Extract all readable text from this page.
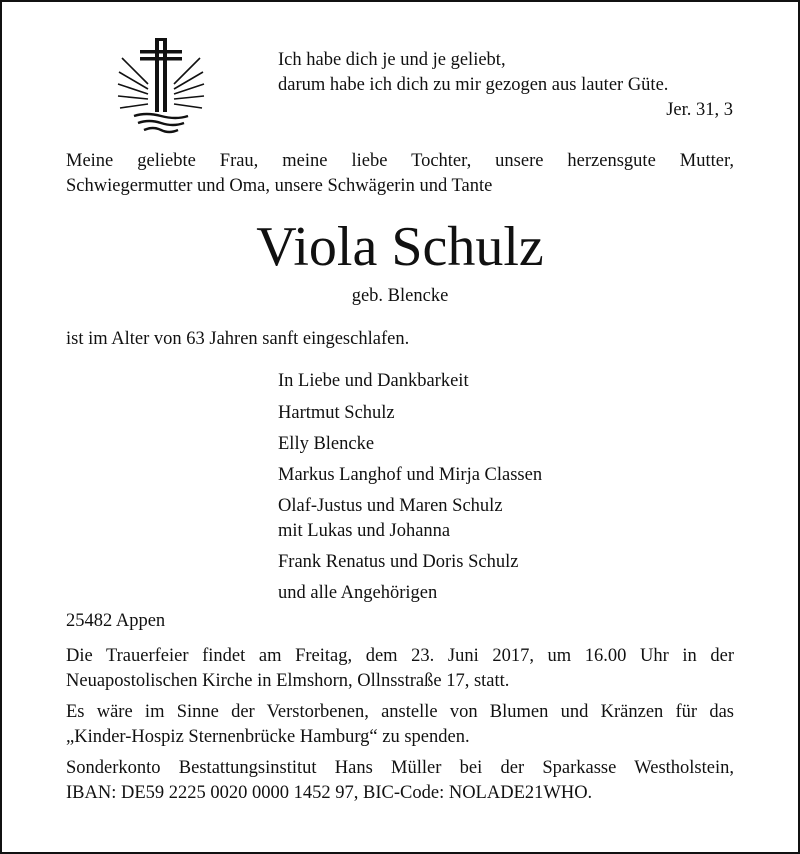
Ich habe dich je und je geliebt,
darum habe ich dich zu mir gezogen aus lauter Güte.
Jer. 31, 3
Meine geliebte Frau, meine liebe Tochter, unsere herzensgute Mutter,
Schwiegermutter und Oma, unsere Schwägerin und Tante
Viola Schulz
geb. Blencke
ist im Alter von 63 Jahren sanft eingeschlafen.
In Liebe und Dankbarkeit
Hartmut Schulz
Elly Blencke
Markus Langhof und Mirja Classen
Olaf-Justus und Maren Schulz
mit Lukas und Johanna
Frank Renatus und Doris Schulz
und alle Angehörigen
25482 Appen
Die Trauerfeier findet am Freitag, dem 23. Juni 2017, um 16.00 Uhr in der
Neuapostolischen Kirche in Elmshorn, Ollnsstraße 17, statt.
Es wäre im Sinne der Verstorbenen, anstelle von Blumen und Kränzen für das
„Kinder-Hospiz Sternenbrücke Hamburg“ zu spenden.
Sonderkonto Bestattungsinstitut Hans Müller bei der Sparkasse Westholstein,
IBAN: DE59 2225 0020 0000 1452 97, BIC-Code: NOLADE21WHO.
